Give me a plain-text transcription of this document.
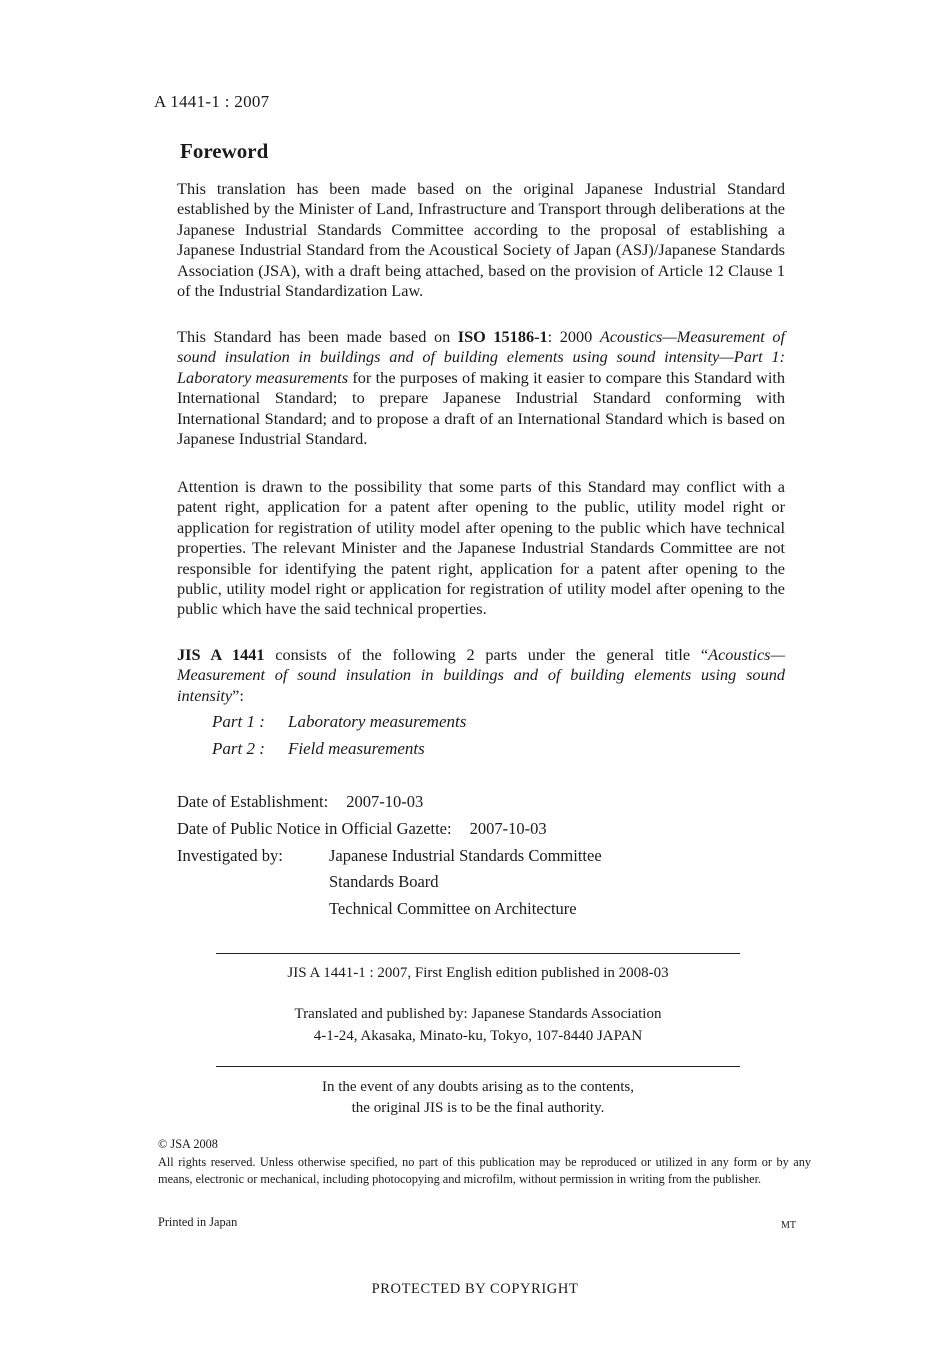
A 1441-1 : 2007
Foreword
This translation has been made based on the original Japanese Industrial Standard established by the Minister of Land, Infrastructure and Transport through deliberations at the Japanese Industrial Standards Committee according to the proposal of establishing a Japanese Industrial Standard from the Acoustical Society of Japan (ASJ)/Japanese Standards Association (JSA), with a draft being attached, based on the provision of Article 12 Clause 1 of the Industrial Standardization Law.
This Standard has been made based on ISO 15186-1: 2000 Acoustics—Measurement of sound insulation in buildings and of building elements using sound intensity—Part 1: Laboratory measurements for the purposes of making it easier to compare this Standard with International Standard; to prepare Japanese Industrial Standard conforming with International Standard; and to propose a draft of an International Standard which is based on Japanese Industrial Standard.
Attention is drawn to the possibility that some parts of this Standard may conflict with a patent right, application for a patent after opening to the public, utility model right or application for registration of utility model after opening to the public which have technical properties. The relevant Minister and the Japanese Industrial Standards Committee are not responsible for identifying the patent right, application for a patent after opening to the public, utility model right or application for registration of utility model after opening to the public which have the said technical properties.
JIS A 1441 consists of the following 2 parts under the general title “Acoustics—Measurement of sound insulation in buildings and of building elements using sound intensity”:
Part 1 : Laboratory measurements
Part 2 : Field measurements
Date of Establishment: 2007-10-03
Date of Public Notice in Official Gazette: 2007-10-03
Investigated by:	Japanese Industrial Standards Committee
Standards Board
Technical Committee on Architecture
JIS A 1441-1 : 2007, First English edition published in 2008-03
Translated and published by: Japanese Standards Association
4-1-24, Akasaka, Minato-ku, Tokyo, 107-8440 JAPAN
In the event of any doubts arising as to the contents,
the original JIS is to be the final authority.
© JSA 2008
All rights reserved. Unless otherwise specified, no part of this publication may be reproduced or utilized in any form or by any means, electronic or mechanical, including photocopying and microfilm, without permission in writing from the publisher.
Printed in Japan	MT
PROTECTED BY COPYRIGHT
